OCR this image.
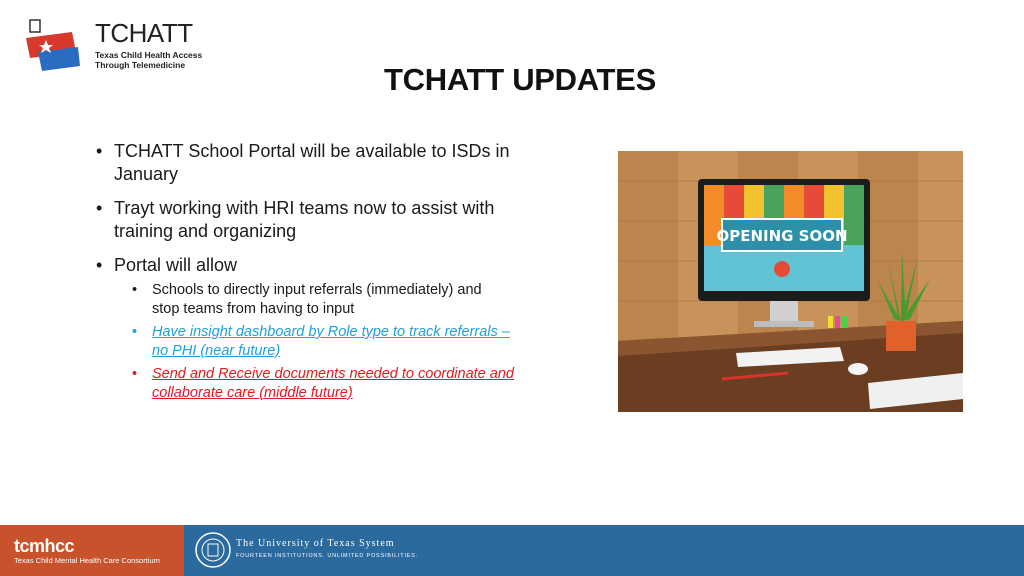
TCHATT
Texas Child Health Access
Through Telemedicine	TCHATT UPDATES
• TCHATT School Portal will be available to ISDs in
January
• Trayt working with HRI teams now to assist with
training and organizing
• Portal will allow
• Schools to directly input referrals (immediately) and
stop teams from having to input
• Have insight dashboard by Role type to track referrals –
no PHI (near future)
• Send and Receive documents needed to coordinate and
collaborate care (middle future)
OPENING SOON
tcmhcc
Texas Child Mental Health Care Consortium
The University of Texas System
FOURTEEN INSTITUTIONS. UNLIMITED POSSIBILITIES.
